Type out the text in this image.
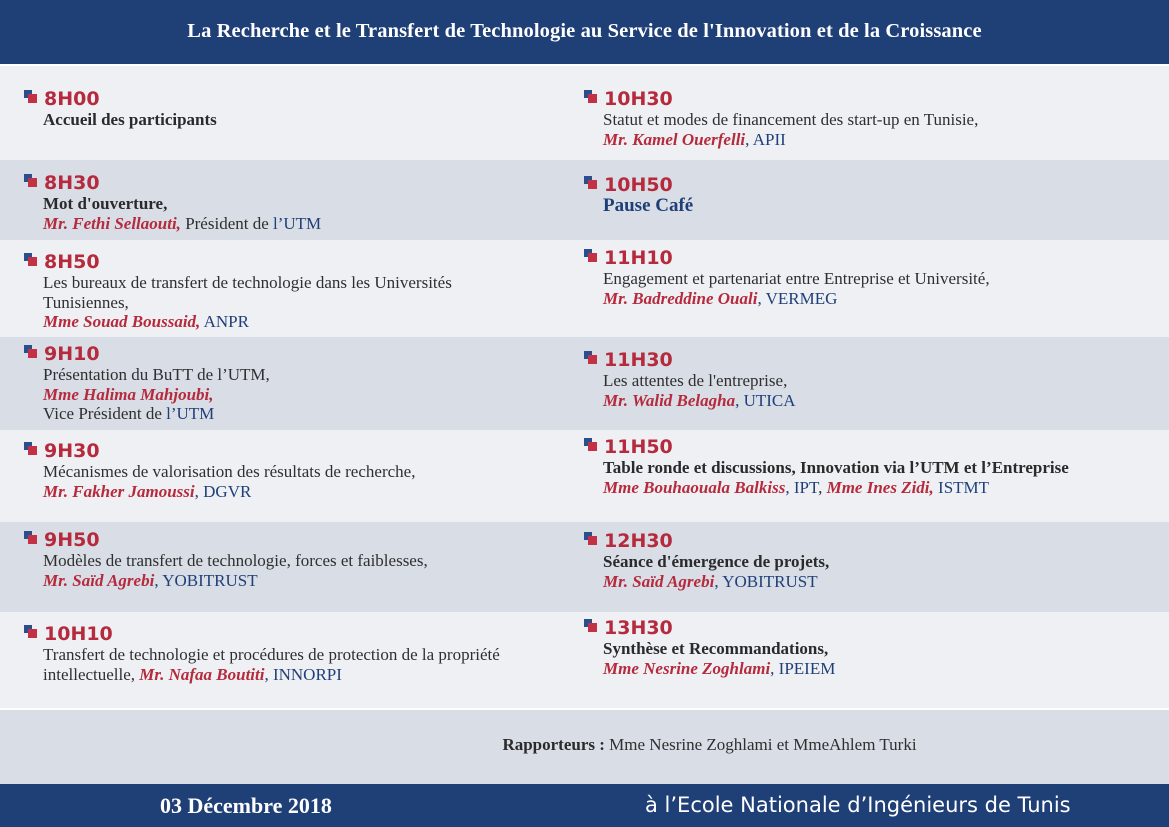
La Recherche et le Transfert de Technologie au Service de l'Innovation et de la Croissance
8H00
Accueil des participants
8H30
Mot d'ouverture,
Mr. Fethi Sellaouti, Président de l’UTM
8H50
Les bureaux de transfert de technologie dans les Universités
Tunisiennes,
Mme Souad Boussaid, ANPR
9H10
Présentation du BuTT de l’UTM,
Mme Halima Mahjoubi,
Vice Président de l’UTM
9H30
Mécanismes de valorisation des résultats de recherche,
Mr. Fakher Jamoussi, DGVR
9H50
Modèles de transfert de technologie, forces et faiblesses,
Mr. Saïd Agrebi, YOBITRUST
10H10
Transfert de technologie et procédures de protection de la propriété
intellectuelle, Mr. Nafaa Boutiti, INNORPI
10H30
Statut et modes de financement des start-up en Tunisie,
Mr. Kamel Ouerfelli, APII
10H50
Pause Café
11H10
Engagement et partenariat entre Entreprise et Université,
Mr. Badreddine Ouali, VERMEG
11H30
Les attentes de l'entreprise,
Mr. Walid Belagha, UTICA
11H50
Table ronde et discussions, Innovation via l’UTM et l’Entreprise
Mme Bouhaouala Balkiss, IPT, Mme Ines Zidi, ISTMT
12H30
Séance d'émergence de projets,
Mr. Saïd Agrebi, YOBITRUST
13H30
Synthèse et Recommandations,
Mme Nesrine Zoghlami, IPEIEM
Rapporteurs : Mme Nesrine Zoghlami et MmeAhlem Turki
03 Décembre 2018	à l’Ecole Nationale d’Ingénieurs de Tunis
